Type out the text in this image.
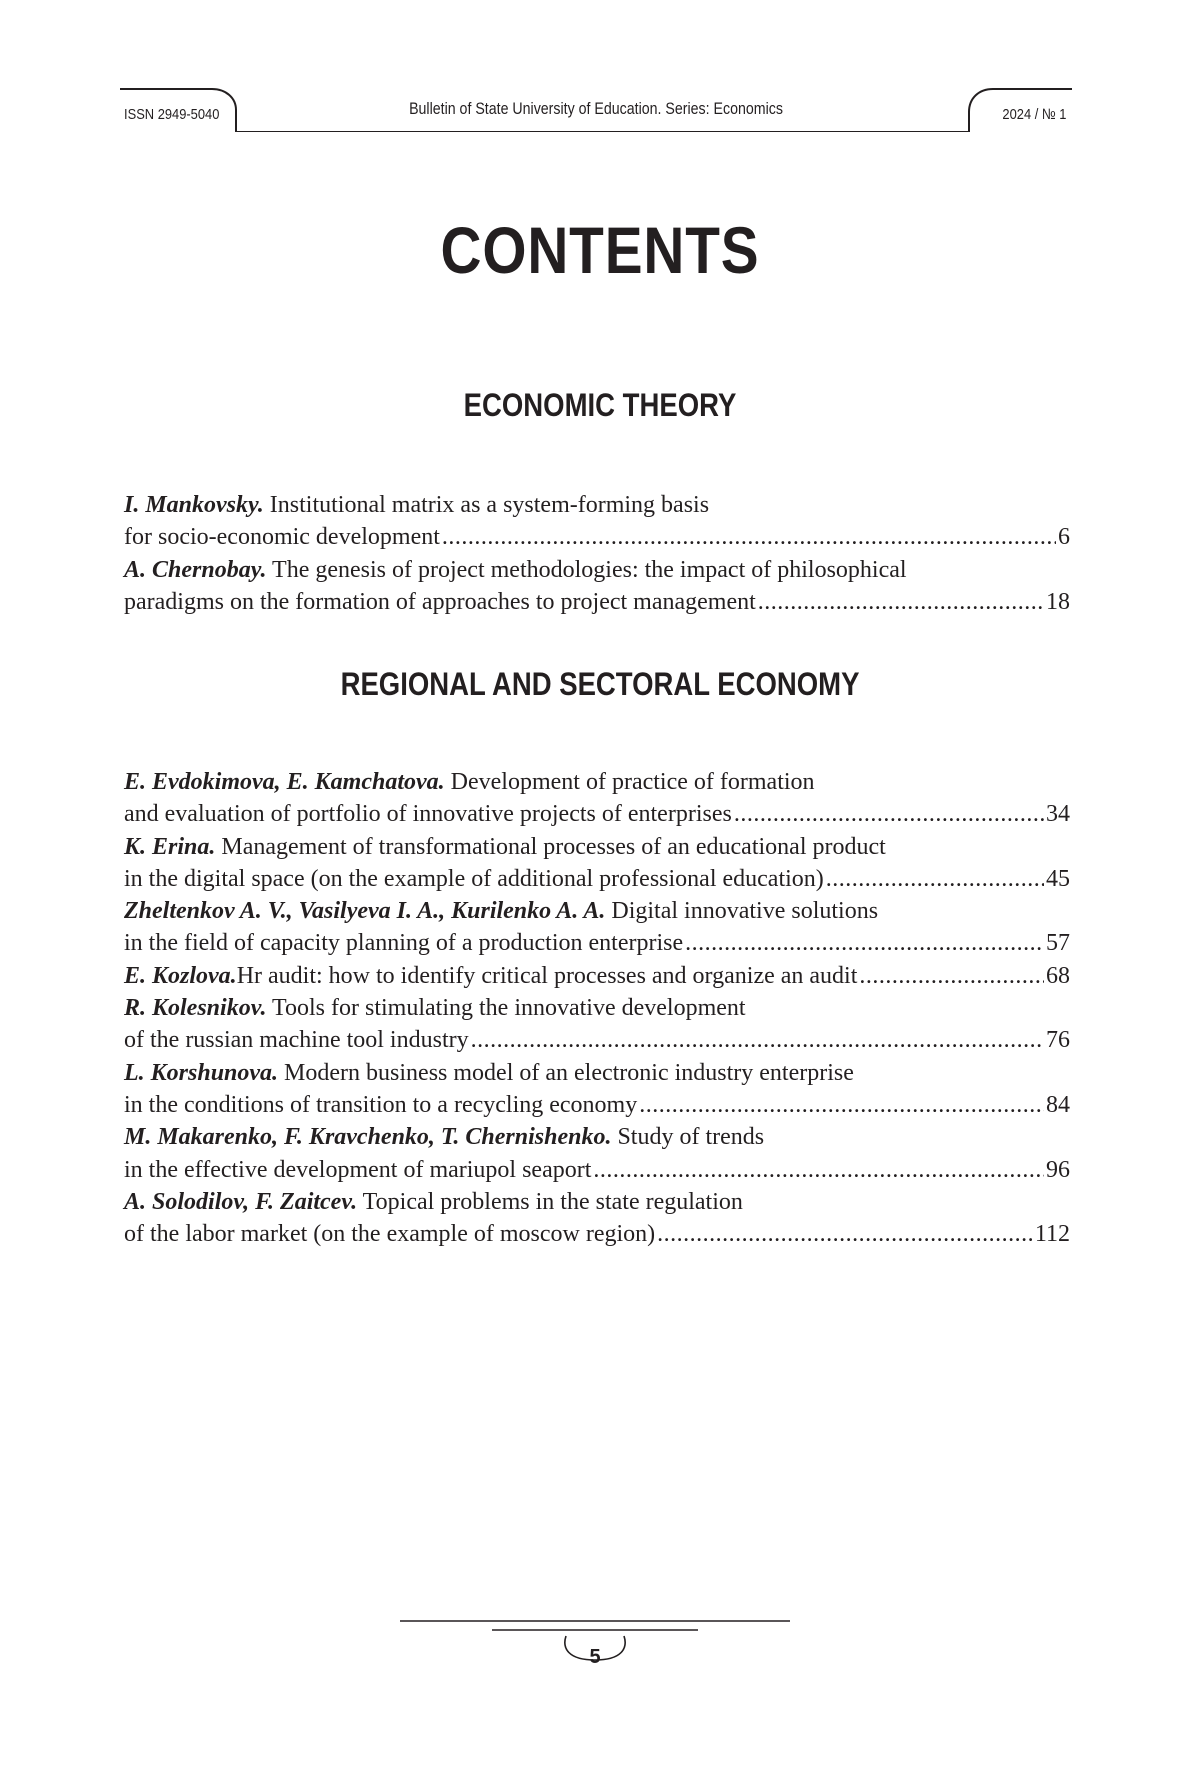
ISSN 2949-5040	Bulletin of State University of Education. Series: Economics	2024 / № 1
CONTENTS
ECONOMIC THEORY
I. Mankovsky. Institutional matrix as a system-forming basis
for socio-economic development .....	6
A. Chernobay. The genesis of project methodologies: the impact of philosophical
paradigms on the formation of approaches to project management .....	18
REGIONAL AND SECTORAL ECONOMY
E. Evdokimova, E. Kamchatova. Development of practice of formation
and evaluation of portfolio of innovative projects of enterprises .....	34
K. Erina. Management of transformational processes of an educational product
in the digital space (on the example of additional professional education) .....	45
Zheltenkov A. V., Vasilyeva I. A., Kurilenko A. A. Digital innovative solutions
in the field of capacity planning of a production enterprise .....	57
E. Kozlova. Hr audit: how to identify critical processes and organize an audit .....	68
R. Kolesnikov. Tools for stimulating the innovative development
of the russian machine tool industry .....	76
L. Korshunova. Modern business model of an electronic industry enterprise
in the conditions of transition to a recycling economy .....	84
M. Makarenko, F. Kravchenko, T. Chernishenko. Study of trends
in the effective development of mariupol seaport .....	96
A. Solodilov, F. Zaitcev. Topical problems in the state regulation
of the labor market (on the example of moscow region) .....	112
5
